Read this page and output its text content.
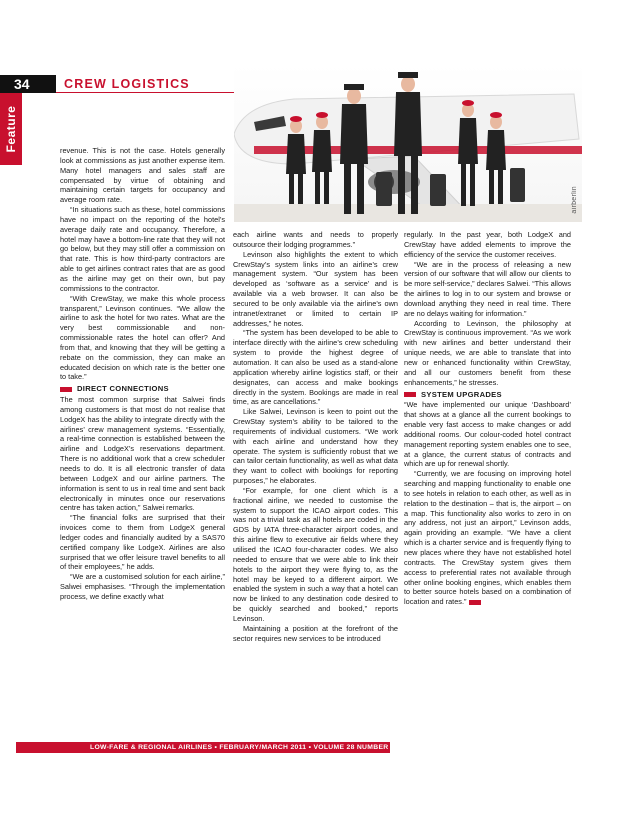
34	CREW LOGISTICS
Feature
airberlin

revenue. This is not the case. Hotels generally look at commissions as just another expense item. Many hotel managers and sales staff are compensated by virtue of obtaining and maintaining certain targets for occupancy and average room rate.

“In situations such as these, hotel commissions have no impact on the reporting of the hotel’s average daily rate and occupancy. Therefore, a hotel may have a bottom-line rate that they will not go below, but they may still offer a commission on that rate. This is how third-party contractors are able to get airlines contract rates that are as good as the airline may get on their own, but pay commissions to the contractor.

“With CrewStay, we make this whole process transparent,” Levinson continues. “We allow the airline to ask the hotel for two rates. What are the very best commissionable and non-commissionable rates the hotel can offer? And from that, and knowing that they will be getting a rebate on the commission, they can make an educated decision on which rate is the better one to take.”

DIRECT CONNECTIONS

The most common surprise that Salwei finds among customers is that most do not realise that LodgeX has the ability to integrate directly with the airlines’ crew management systems. “Essentially, a real-time connection is established between the airline and LodgeX’s reservations department. There is no additional work that a crew scheduler needs to do. It is all electronic transfer of data between LodgeX and our airline partners. The information is sent to us in real time and sent back electronically in minutes once our reservations centre has taken action,” Salwei remarks.

“The financial folks are surprised that their invoices come to them from LodgeX general ledger codes and financially audited by a SAS70 certified company like LodgeX. Airlines are also surprised that we offer leisure travel benefits to all of their employees,” he adds.

“We are a customised solution for each airline,” Salwei emphasises. “Through the implementation process, we define exactly what

each airline wants and needs to properly outsource their lodging programmes.”

Levinson also highlights the extent to which CrewStay’s system links into an airline’s crew management system. “Our system has been developed as ‘software as a service’ and is available via a web browser. It can also be secured to be only available via the airline’s own intranet/extranet or limited to certain IP addresses,” he notes.

“The system has been developed to be able to interface directly with the airline’s crew scheduling system to provide the highest degree of automation. It can also be used as a stand-alone application whereby airline logistics staff, or their designates, can access and make bookings directly in the system. Bookings are made in real time, as are cancellations.”

Like Salwei, Levinson is keen to point out the CrewStay system’s ability to be tailored to the requirements of individual customers. “We work with each airline and understand how they operate. The system is sufficiently robust that we can tailor certain functionality, as well as what data they want to collect with bookings for reporting purposes,” he elaborates.

“For example, for one client which is a fractional airline, we needed to customise the system to support the ICAO airport codes. This was not a trivial task as all hotels are coded in the GDS by IATA three-character airport codes, and this airline flew to executive air fields where they utilised the ICAO four-character codes. We also needed to ensure that we were able to link their hotels to the airport they were flying to, as the hotel may be keyed to a different airport. We enabled the system in such a way that a hotel can now be linked to any destination code desired to be quickly searched and booked,” reports Levinson.

Maintaining a position at the forefront of the sector requires new services to be introduced

regularly. In the past year, both LodgeX and CrewStay have added elements to improve the efficiency of the service the customer receives.

“We are in the process of releasing a new version of our software that will allow our clients to be more self-service,” declares Salwei. “This allows the airlines to log in to our system and browse or download anything they need in real time. There are no delays waiting for information.”

According to Levinson, the philosophy at CrewStay is continuous improvement. “As we work with new airlines and better understand their unique needs, we are able to translate that into new or enhanced functionality within CrewStay, and all our customers benefit from these enhancements,” he stresses.

SYSTEM UPGRADES

“We have implemented our unique ‘Dashboard’ that shows at a glance all the current bookings to enable very fast access to make changes or add additional rooms. Our colour-coded hotel contract management reporting system enables one to see, at a glance, the current status of contracts and which are up for renewal shortly.

“Currently, we are focusing on improving hotel searching and mapping functionality to enable one to see hotels in relation to each other, as well as in relation to the destination – that is, the airport – on a map. This functionality also works to zero in on any address, not just an airport,” Levinson adds, again providing an example. “We have a client which is a charter service and is frequently flying to new places where they have not established hotel contracts. The CrewStay system gives them access to preferential rates not available through other online booking engines, which enables them to better source hotels based on a combination of location and rates.”

LOW-FARE & REGIONAL AIRLINES • FEBRUARY/MARCH 2011 • VOLUME 28 NUMBER 1
